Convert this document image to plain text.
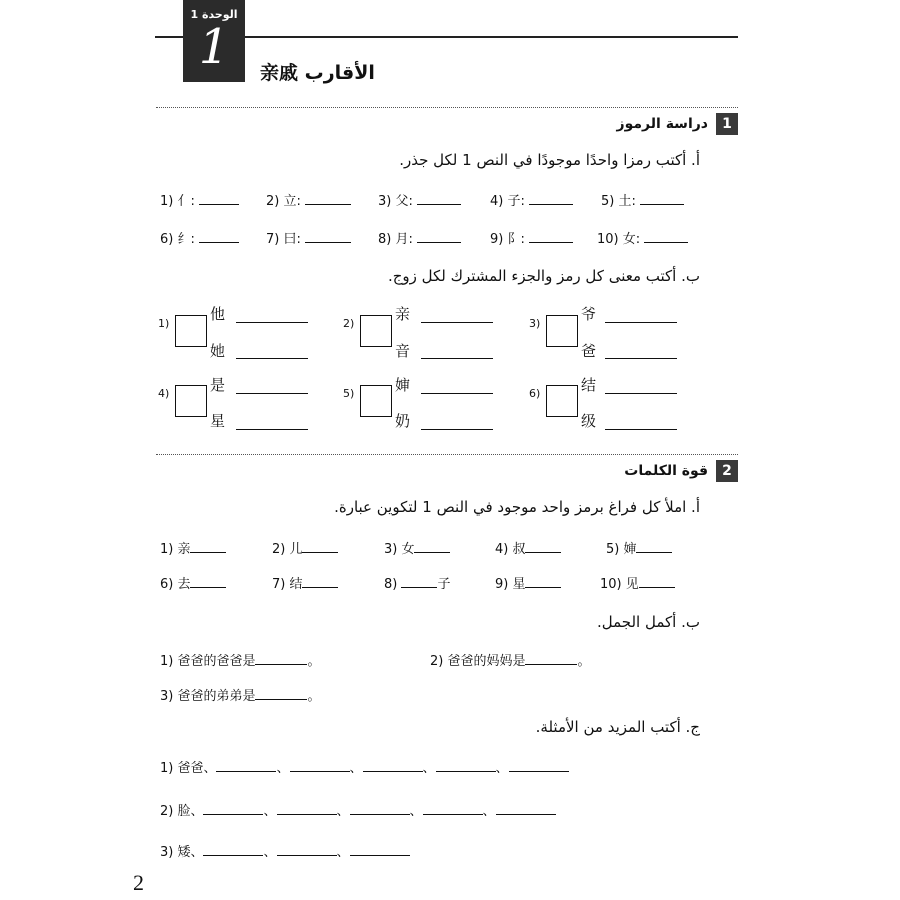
الوحدة 1
1 亲戚 الأقارب
1
دراسة الرموز
أ. أكتب رمزا واحدًا موجودًا في النص 1 لكل جذر.
1) 亻:	2) 立:	3) 父:	4) 子:	5) 土:
6) 纟:	7) 曰:	8) 月:	9) 阝:	10) 女:
ب. أكتب معنى كل رمز والجزء المشترك لكل زوج.
1)
他
她
2)
亲
音
3)
爷
爸
4)	是
星
5)	婶
奶
6)	结
级
2
قوة الكلمات
أ. املأ كل فراغ برمز واحد موجود في النص 1 لتكوين عبارة.
1) 亲	2) 儿	3) 女	4) 叔	5) 婶
6) 去	7) 结	8)	子	9) 星	10) 见
ب. أكمل الجمل.
1) 爸爸的爸爸是	。	2) 爸爸的妈妈是	。
3) 爸爸的弟弟是	。
ج. أكتب المزيد من الأمثلة.
1) 爸爸、	、	、	、	、
2) 脸、	、	、	、	、
3) 矮、	、	、
2
